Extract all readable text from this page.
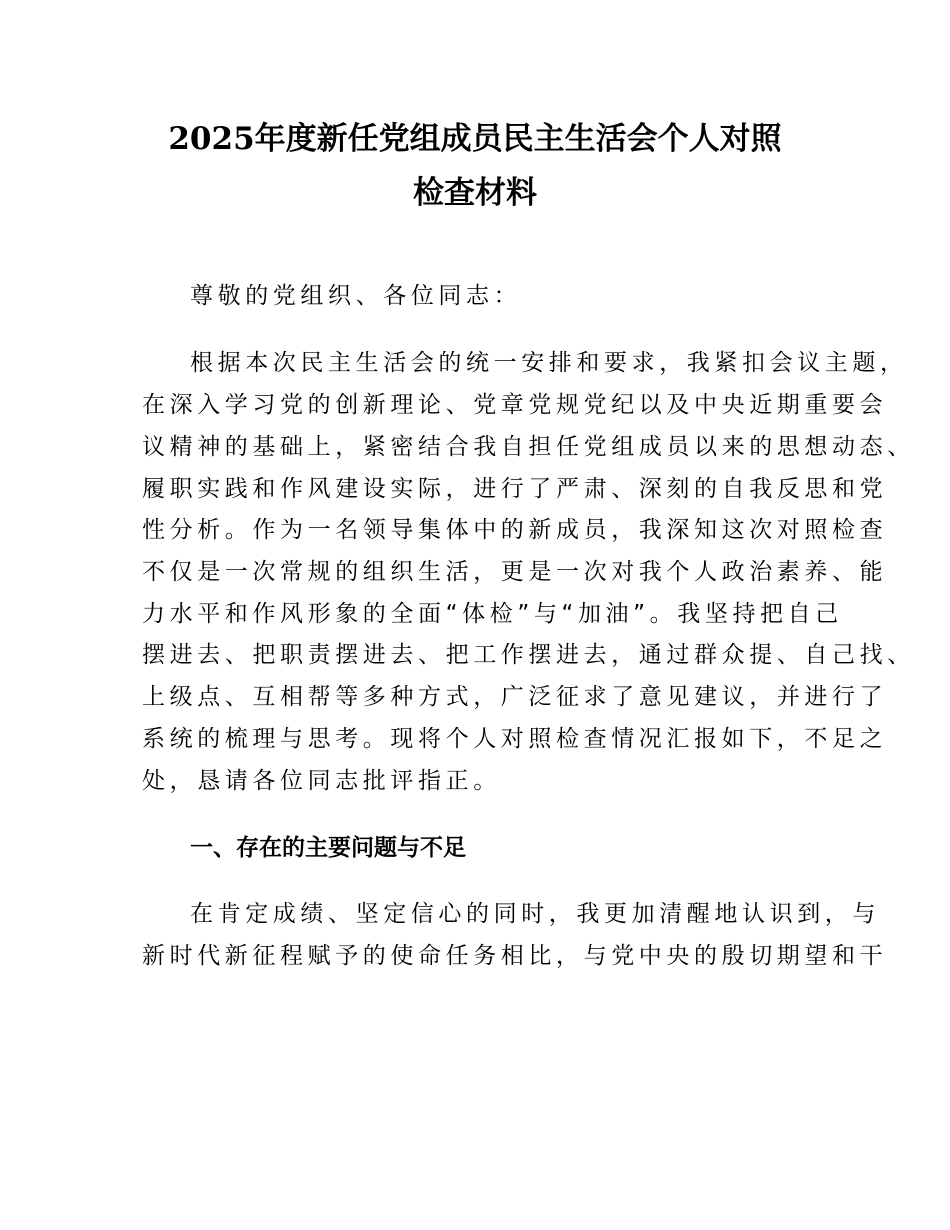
2025年度新任党组成员民主生活会个人对照
检查材料
尊敬的党组织、各位同志：
根据本次民主生活会的统一安排和要求，我紧扣会议主题，
在深入学习党的创新理论、党章党规党纪以及中央近期重要会
议精神的基础上，紧密结合我自担任党组成员以来的思想动态、
履职实践和作风建设实际，进行了严肃、深刻的自我反思和党
性分析。作为一名领导集体中的新成员，我深知这次对照检查
不仅是一次常规的组织生活，更是一次对我个人政治素养、能
力水平和作风形象的全面“体检”与“加油”。我坚持把自己
摆进去、把职责摆进去、把工作摆进去，通过群众提、自己找、
上级点、互相帮等多种方式，广泛征求了意见建议，并进行了
系统的梳理与思考。现将个人对照检查情况汇报如下，不足之
处，恳请各位同志批评指正。
一、存在的主要问题与不足
在肯定成绩、坚定信心的同时，我更加清醒地认识到，与
新时代新征程赋予的使命任务相比，与党中央的殷切期望和干
